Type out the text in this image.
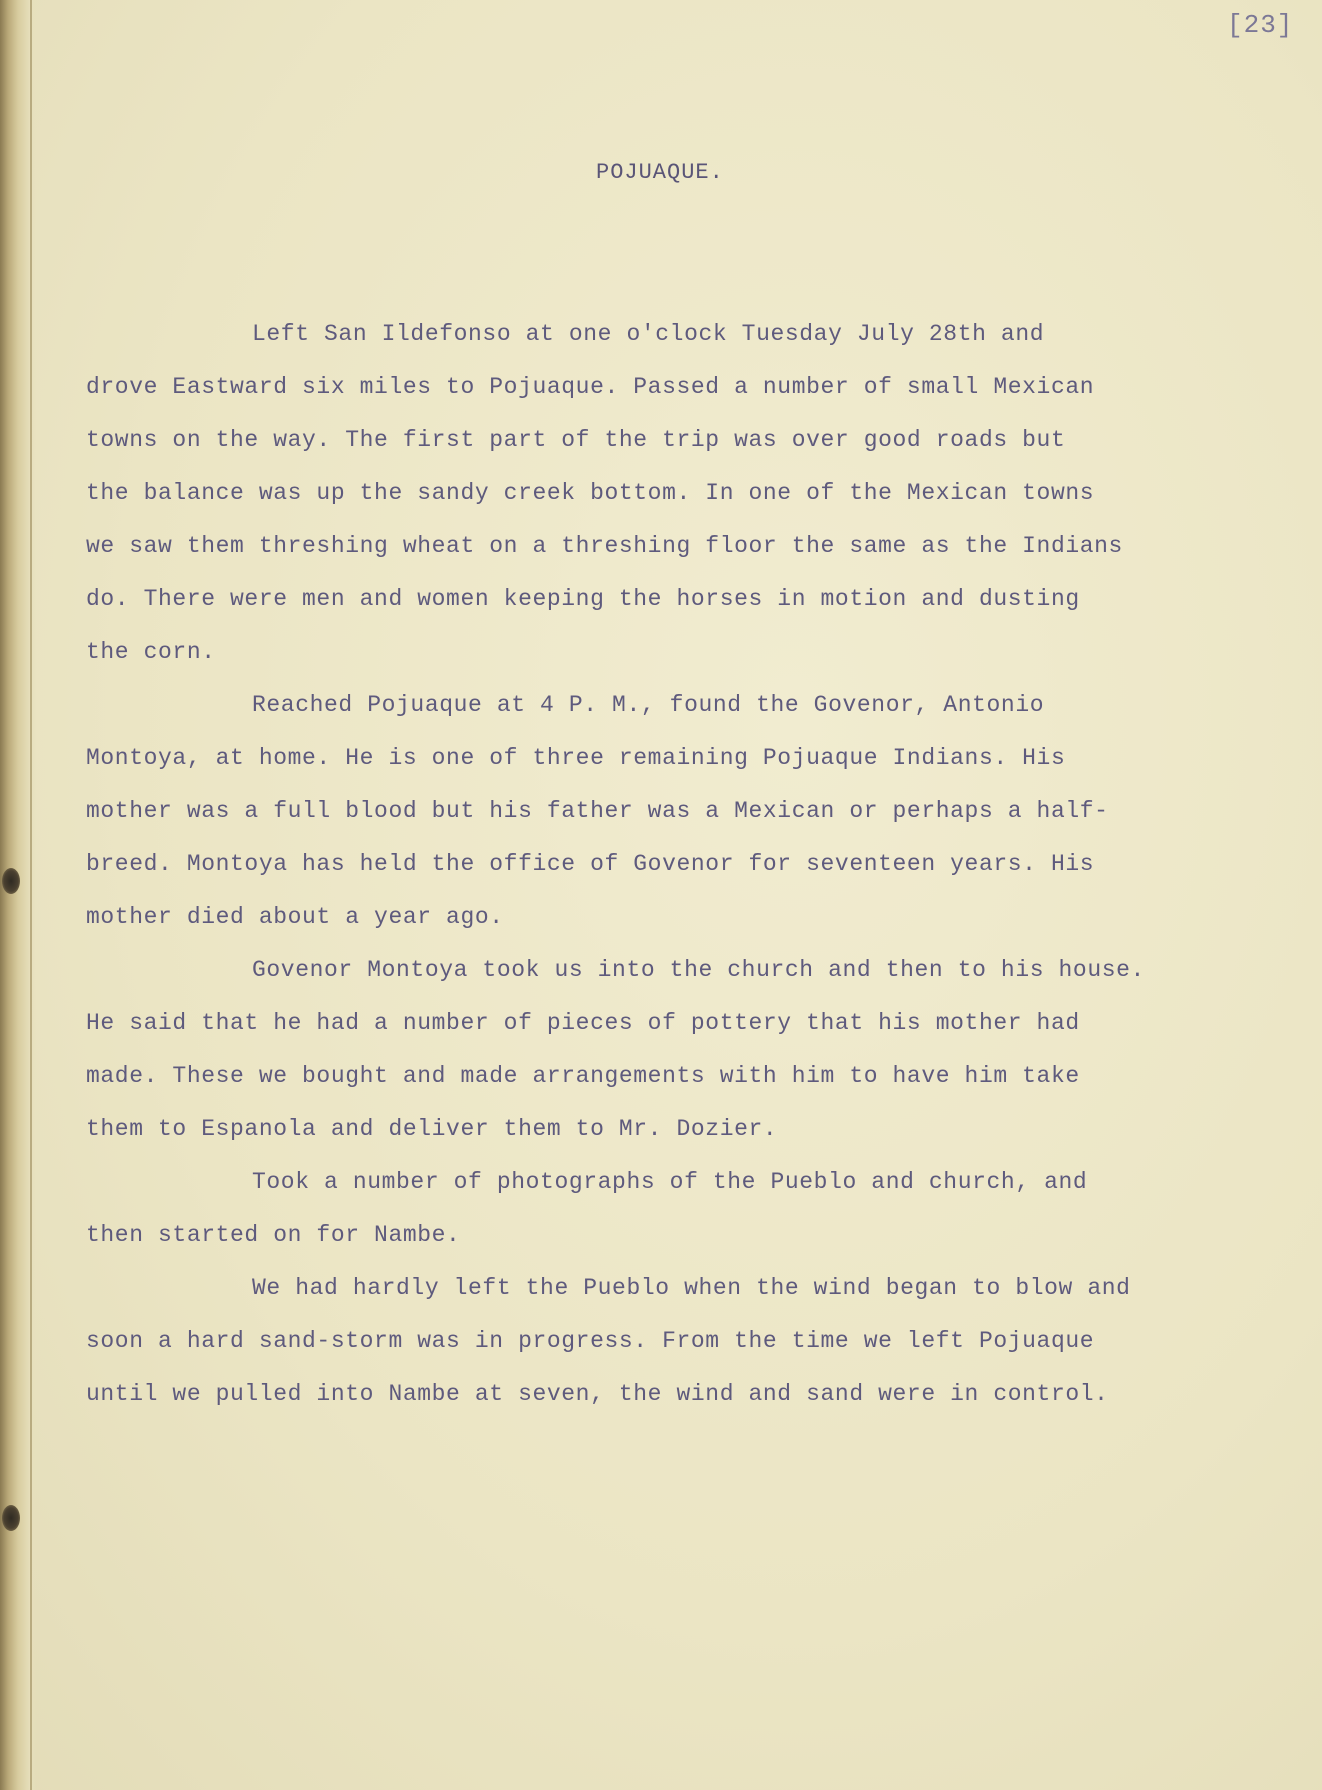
[23]
POJUAQUE.
Left San Ildefonso at one o'clock Tuesday July 28th and
drove Eastward six miles to Pojuaque. Passed a number of small Mexican
towns on the way. The first part of the trip was over good roads but
the balance was up the sandy creek bottom. In one of the Mexican towns
we saw them threshing wheat on a threshing floor the same as the Indians
do. There were men and women keeping the horses in motion and dusting
the corn.
Reached Pojuaque at 4 P. M., found the Govenor, Antonio
Montoya, at home. He is one of three remaining Pojuaque Indians. His
mother was a full blood but his father was a Mexican or perhaps a half-
breed. Montoya has held the office of Govenor for seventeen years. His
mother died about a year ago.
Govenor Montoya took us into the church and then to his house.
He said that he had a number of pieces of pottery that his mother had
made. These we bought and made arrangements with him to have him take
them to Espanola and deliver them to Mr. Dozier.
Took a number of photographs of the Pueblo and church, and
then started on for Nambe.
We had hardly left the Pueblo when the wind began to blow and
soon a hard sand-storm was in progress. From the time we left Pojuaque
until we pulled into Nambe at seven, the wind and sand were in control.
